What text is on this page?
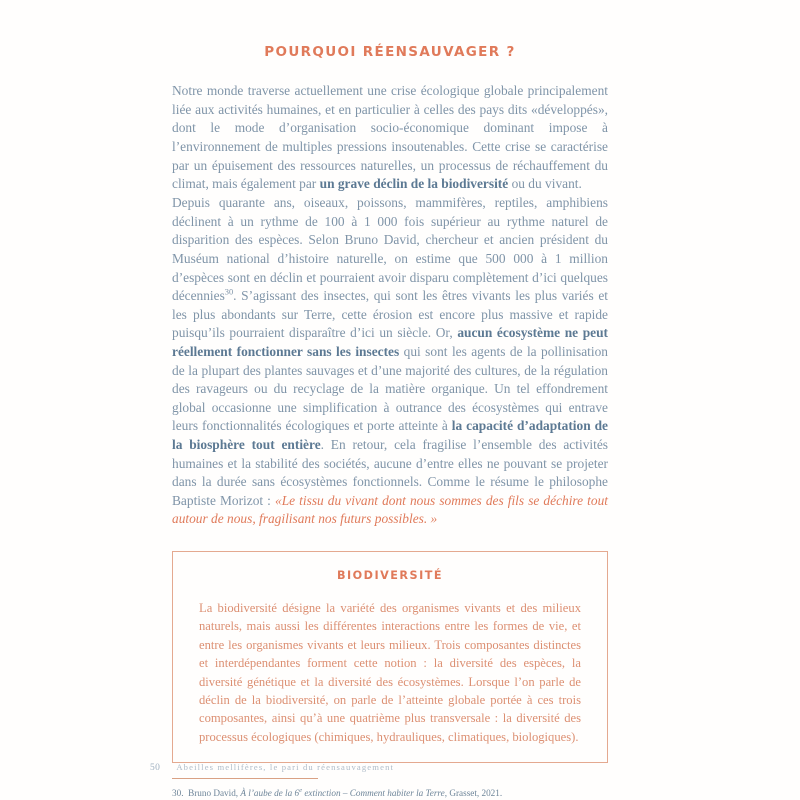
POURQUOI RÉENSAUVAGER ?

Notre monde traverse actuellement une crise écologique globale principalement liée aux activités humaines, et en particulier à celles des pays dits «développés», dont le mode d’organisation socio-économique dominant impose à l’environnement de multiples pressions insoutenables. Cette crise se caractérise par un épuisement des ressources naturelles, un processus de réchauffement du climat, mais également par un grave déclin de la biodiversité ou du vivant.

Depuis quarante ans, oiseaux, poissons, mammifères, reptiles, amphibiens déclinent à un rythme de 100 à 1 000 fois supérieur au rythme naturel de disparition des espèces. Selon Bruno David, chercheur et ancien président du Muséum national d’histoire naturelle, on estime que 500 000 à 1 million d’espèces sont en déclin et pourraient avoir disparu complètement d’ici quelques décennies$^{30}$. S’agissant des insectes, qui sont les êtres vivants les plus variés et les plus abondants sur Terre, cette érosion est encore plus massive et rapide puisqu’ils pourraient disparaître d’ici un siècle. Or, aucun écosystème ne peut réellement fonctionner sans les insectes qui sont les agents de la pollinisation de la plupart des plantes sauvages et d’une majorité des cultures, de la régulation des ravageurs ou du recyclage de la matière organique. Un tel effondrement global occasionne une simplification à outrance des écosystèmes qui entrave leurs fonctionnalités écologiques et porte atteinte à la capacité d’adaptation de la biosphère tout entière. En retour, cela fragilise l’ensemble des activités humaines et la stabilité des sociétés, aucune d’entre elles ne pouvant se projeter dans la durée sans écosystèmes fonctionnels. Comme le résume le philosophe Baptiste Morizot : «Le tissu du vivant dont nous sommes des fils se déchire tout autour de nous, fragilisant nos futurs possibles. »

BIODIVERSITÉ

La biodiversité désigne la variété des organismes vivants et des milieux naturels, mais aussi les différentes interactions entre les formes de vie, et entre les organismes vivants et leurs milieux. Trois composantes distinctes et interdépendantes forment cette notion : la diversité des espèces, la diversité génétique et la diversité des écosystèmes. Lorsque l’on parle de déclin de la biodiversité, on parle de l’atteinte globale portée à ces trois composantes, ainsi qu’à une quatrième plus transversale : la diversité des processus écologiques (chimiques, hydrauliques, climatiques, biologiques).

30. Bruno David, À l’aube de la 6e extinction – Comment habiter la Terre, Grasset, 2021.

50 Abeilles mellifères, le pari du réensauvagement
